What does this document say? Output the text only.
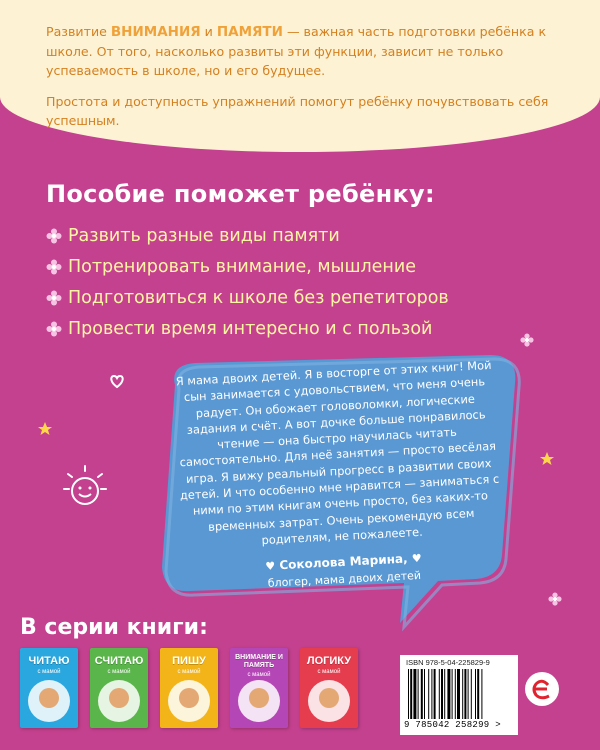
Развитие ВНИМАНИЯ и ПАМЯТИ — важная часть подготовки ребёнка к школе. От того, насколько развиты эти функции, зависит не только успеваемость в школе, но и его будущее.

Простота и доступность упражнений помогут ребёнку почувствовать себя успешным.

Пособие поможет ребёнку:
Развить разные виды памяти
Потренировать внимание, мышление
Подготовиться к школе без репетиторов
Провести время интересно и с пользой
Я мама двоих детей. Я в восторге от этих книг! Мой сын занимается с удовольствием, что меня очень радует. Он обожает головоломки, логические задания и счёт. А вот дочке больше понравилось чтение — она быстро научилась читать самостоятельно. Для неё занятия — просто весёлая игра. Я вижу реальный прогресс в развитии своих детей. И что особенно мне нравится — заниматься с ними по этим книгам очень просто, без каких-то временных затрат. Очень рекомендую всем родителям, не пожалеете.
♥ Соколова Марина, ♥
блогер, мама двоих детей
В серии книги:
ЧИТАЮ
с мамой
СЧИТАЮ
с мамой
ПИШУ
с мамой
ВНИМАНИЕ И ПАМЯТЬ
с мамой
ЛОГИКУ
с мамой
ISBN 978-5-04-225829-9
9 785042 258299 >
